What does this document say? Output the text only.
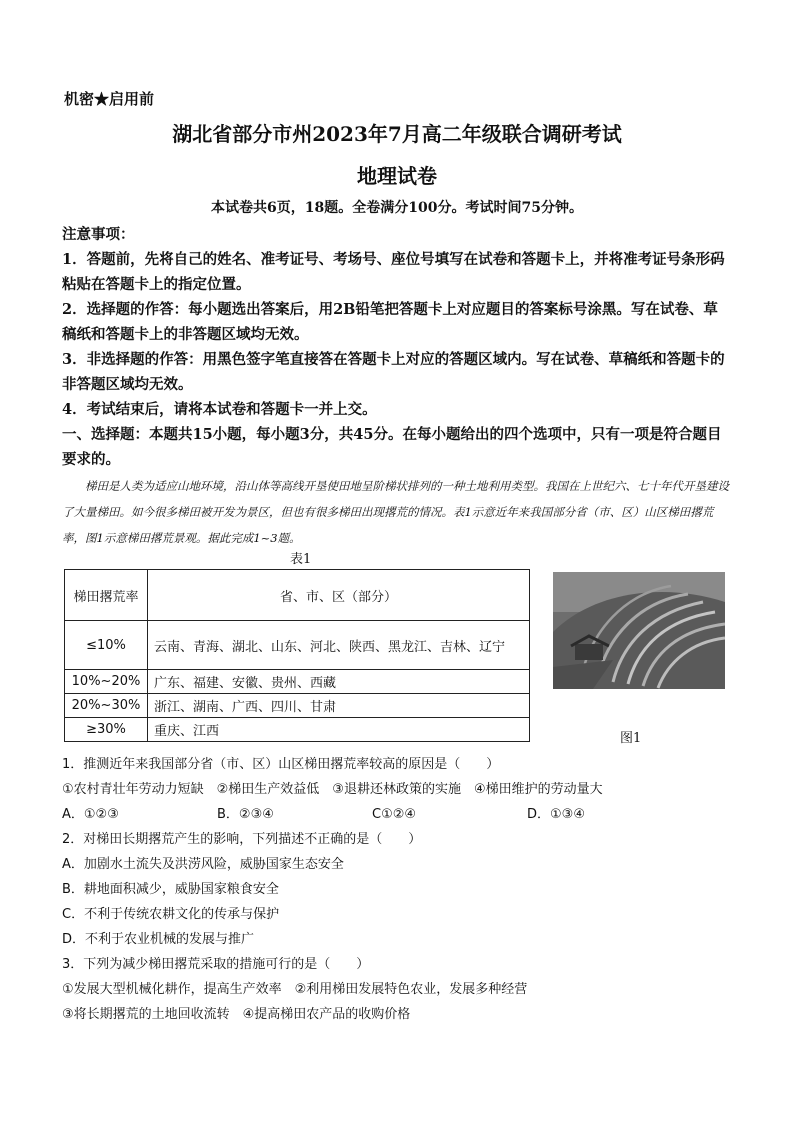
机密★启用前
湖北省部分市州2023年7月高二年级联合调研考试
地理试卷
本试卷共6页，18题。全卷满分100分。考试时间75分钟。

注意事项：

1．答题前，先将自己的姓名、准考证号、考场号、座位号填写在试卷和答题卡上，并将准考证号条形码粘贴在答题卡上的指定位置。

2．选择题的作答：每小题选出答案后，用2B铅笔把答题卡上对应题目的答案标号涂黑。写在试卷、草稿纸和答题卡上的非答题区域均无效。

3．非选择题的作答：用黑色签字笔直接答在答题卡上对应的答题区域内。写在试卷、草稿纸和答题卡的非答题区域均无效。

4．考试结束后，请将本试卷和答题卡一并上交。

一、选择题：本题共15小题，每小题3分，共45分。在每小题给出的四个选项中，只有一项是符合题目要求的。

梯田是人类为适应山地环境，沿山体等高线开垦使田地呈阶梯状排列的一种土地利用类型。我国在上世纪六、七十年代开垦建设了大量梯田。如今很多梯田被开发为景区，但也有很多梯田出现撂荒的情况。表1示意近年来我国部分省（市、区）山区梯田撂荒率，图1示意梯田撂荒景观。据此完成1~3题。
表1
梯田撂荒率	省、市、区（部分）
≤10%	云南、青海、湖北、山东、河北、陕西、黑龙江、吉林、辽宁
10%~20%	广东、福建、安徽、贵州、西藏
20%~30%	浙江、湖南、广西、四川、甘肃
≥30%	重庆、江西	图1
1．推测近年来我国部分省（市、区）山区梯田撂荒率较高的原因是（　　）
①农村青壮年劳动力短缺　②梯田生产效益低　③退耕还林政策的实施　④梯田维护的劳动量大
A．①②③	B．②③④	C①②④	D．①③④
2．对梯田长期撂荒产生的影响，下列描述不正确的是（　　）
A．加剧水土流失及洪涝风险，威胁国家生态安全
B．耕地面积减少，威胁国家粮食安全
C．不利于传统农耕文化的传承与保护
D．不利于农业机械的发展与推广
3．下列为减少梯田撂荒采取的措施可行的是（　　）
①发展大型机械化耕作，提高生产效率　②利用梯田发展特色农业，发展多种经营
③将长期撂荒的土地回收流转　④提高梯田农产品的收购价格
